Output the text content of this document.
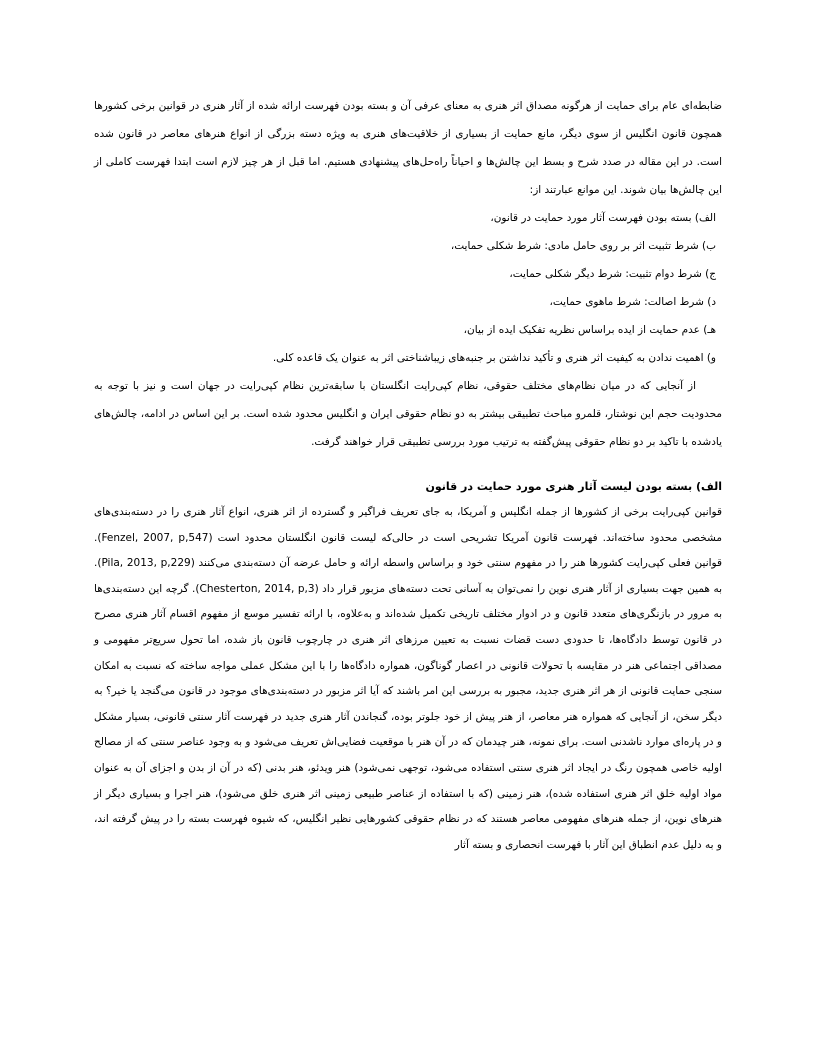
ضابطه‌ای عام برای حمایت از هرگونه مصداق اثر هنری به معنای عرفی آن و بسته بودن فهرست ارائه شده از آثار هنری در قوانین برخی کشورها همچون قانون انگلیس از سوی دیگر، مانع حمایت از بسیاری از خلاقیت‌های هنری به ویژه دسته بزرگی از انواع هنرهای معاصر در قانون شده است. در این مقاله در صدد شرح و بسط این چالش‌ها و احیاناً راه‌حل‌های پیشنهادی هستیم. اما قبل از هر چیز لازم است ابتدا فهرست کاملی از این چالش‌ها بیان شوند. این موانع عبارتند از:

الف) بسته بودن فهرست آثار مورد حمایت در قانون،

ب) شرط تثبیت اثر بر روی حامل مادی: شرط شکلی حمایت،

ج) شرط دوام تثبیت: شرط دیگر شکلی حمایت،

د) شرط اصالت: شرط ماهوی حمایت،

هـ) عدم حمایت از ایده براساس نظریه تفکیک ایده از بیان،

و) اهمیت ندادن به کیفیت اثر هنری و تأکید نداشتن بر جنبه‌های زیباشناختی اثر به عنوان یک قاعده کلی.

از آنجایی که در میان نظام‌های مختلف حقوقی، نظام کپی‌رایت انگلستان با سابقه‌ترین نظام کپی‌رایت در جهان است و نیز با توجه به محدودیت حجم این نوشتار، قلمرو مباحث تطبیقی بیشتر به دو نظام حقوقی ایران و انگلیس محدود شده است. بر این اساس در ادامه، چالش‌های یادشده با تاکید بر دو نظام حقوقی پیش‌گفته به ترتیب مورد بررسی تطبیقی قرار خواهند گرفت.

الف) بسته بودن لیست آثار هنری مورد حمایت در قانون

قوانین کپی‌رایت برخی از کشورها از جمله انگلیس و آمریکا، به جای تعریف فراگیر و گسترده از اثر هنری، انواع آثار هنری را در دسته‌بندی‌های مشخصی محدود ساخته‌اند. فهرست قانون آمریکا تشریحی است در حالی‌که لیست قانون انگلستان محدود است (Fenzel, 2007, p,547). قوانین فعلی کپی‌رایت کشورها هنر را در مفهوم سنتی خود و براساس واسطه ارائه و حامل عرضه آن دسته‌بندی می‌کنند (Pila, 2013, p,229). به همین جهت بسیاری از آثار هنری نوین را نمی‌توان به آسانی تحت دسته‌های مزبور قرار داد (Chesterton, 2014, p,3). گرچه این دسته‌بندی‌ها به مرور در بازنگری‌های متعدد قانون و در ادوار مختلف تاریخی تکمیل شده‌اند و به‌علاوه، با ارائه تفسیر موسع از مفهوم اقسام آثار هنری مصرح در قانون توسط دادگاه‌ها، تا حدودی دست قضات نسبت به تعیین مرزهای اثر هنری در چارچوب قانون باز شده، اما تحول سریع‌تر مفهومی و مصداقی اجتماعی هنر در مقایسه با تحولات قانونی در اعصار گوناگون، همواره دادگاه‌ها را با این مشکل عملی مواجه ساخته که نسبت به امکان سنجی حمایت قانونی از هر اثر هنری جدید، مجبور به بررسی این امر باشند که آیا اثر مزبور در دسته‌بندی‌های موجود در قانون می‌گنجد یا خیر؟ به دیگر سخن، از آنجایی که همواره هنر معاصر، از هنر پیش از خود جلوتر بوده، گنجاندن آثار هنری جدید در فهرست آثار سنتی قانونی، بسیار مشکل و در پاره‌ای موارد ناشدنی است. برای نمونه، هنر چیدمان که در آن هنر با موقعیت فضایی‌اش تعریف می‌شود و به وجود عناصر سنتی که از مصالح اولیه خاصی همچون رنگ در ایجاد اثر هنری سنتی استفاده می‌شود، توجهی نمی‌شود) هنر ویدئو، هنر بدنی (که در آن از بدن و اجزای آن به عنوان مواد اولیه خلق اثر هنری استفاده شده)، هنر زمینی (که با استفاده از عناصر طبیعی زمینی اثر هنری خلق می‌شود)، هنر اجرا و بسیاری دیگر از هنرهای نوین، از جمله هنرهای مفهومی معاصر هستند که در نظام حقوقی کشورهایی نظیر انگلیس، که شیوه فهرست بسته را در پیش گرفته اند، و به دلیل عدم انطباق این آثار با فهرست انحصاری و بسته آثار
